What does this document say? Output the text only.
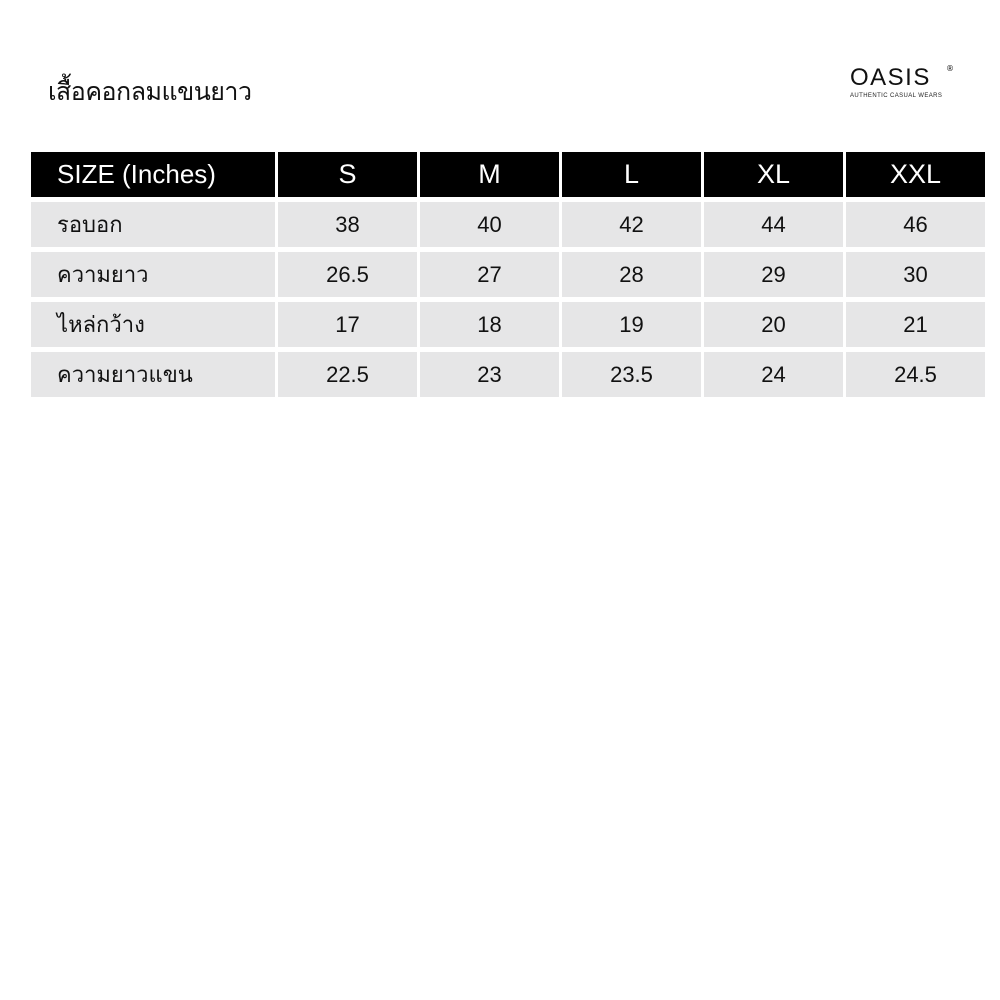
เสื้อคอกลมแขนยาว	OASIS	®
AUTHENTIC CASUAL WEARS
SIZE (Inches)	S	M	L	XL	XXL
รอบอก	38	40	42	44	46
ความยาว	26.5	27	28	29	30
ไหล่กว้าง	17	18	19	20	21
ความยาวแขน	22.5	23	23.5	24	24.5
